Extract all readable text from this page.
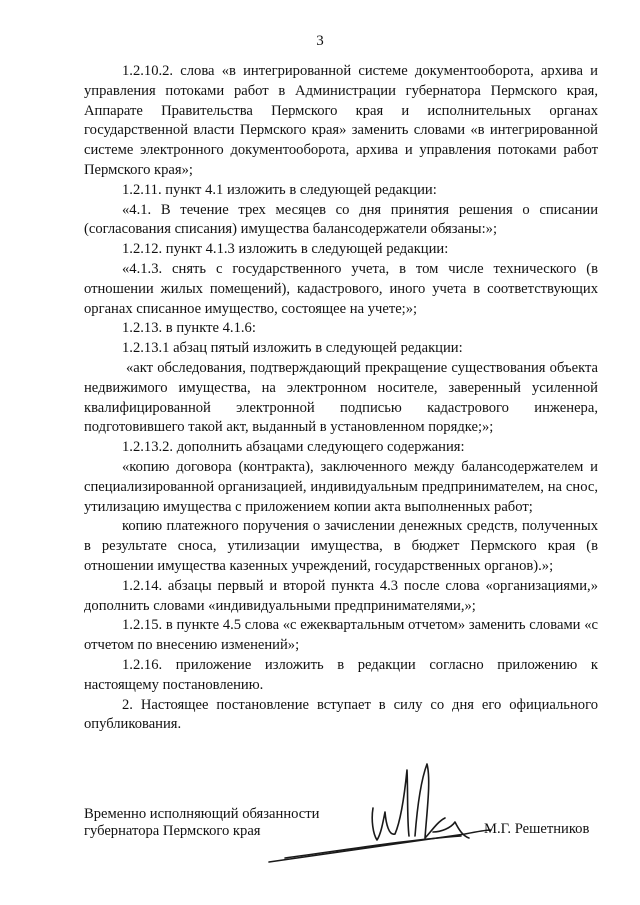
3

1.2.10.2. слова «в интегрированной системе документооборота, архива и управления потоками работ в Администрации губернатора Пермского края, Аппарате Правительства Пермского края и исполнительных органах государственной власти Пермского края» заменить словами «в интегрированной системе электронного документооборота, архива и управления потоками работ Пермского края»;

1.2.11. пункт 4.1 изложить в следующей редакции:

«4.1. В течение трех месяцев со дня принятия решения о списании (согласования списания) имущества балансодержатели обязаны:»;

1.2.12. пункт 4.1.3 изложить в следующей редакции:

«4.1.3. снять с государственного учета, в том числе технического (в отношении жилых помещений), кадастрового, иного учета в соответствующих органах списанное имущество, состоящее на учете;»;

1.2.13. в пункте 4.1.6:

1.2.13.1 абзац пятый изложить в следующей редакции:

«акт обследования, подтверждающий прекращение существования объекта недвижимого имущества, на электронном носителе, заверенный усиленной квалифицированной электронной подписью кадастрового инженера, подготовившего такой акт, выданный в установленном порядке;»;

1.2.13.2. дополнить абзацами следующего содержания:

«копию договора (контракта), заключенного между балансодержателем и специализированной организацией, индивидуальным предпринимателем, на снос, утилизацию имущества с приложением копии акта выполненных работ;

копию платежного поручения о зачислении денежных средств, полученных в результате сноса, утилизации имущества, в бюджет Пермского края (в отношении имущества казенных учреждений, государственных органов).»;

1.2.14. абзацы первый и второй пункта 4.3 после слова «организациями,» дополнить словами «индивидуальными предпринимателями,»;

1.2.15. в пункте 4.5 слова «с ежеквартальным отчетом» заменить словами «с отчетом по внесению изменений»;

1.2.16. приложение изложить в редакции согласно приложению к настоящему постановлению.

2. Настоящее постановление вступает в силу со дня его официального опубликования.

Временно исполняющий обязанности
губернатора Пермского края	М.Г. Решетников
